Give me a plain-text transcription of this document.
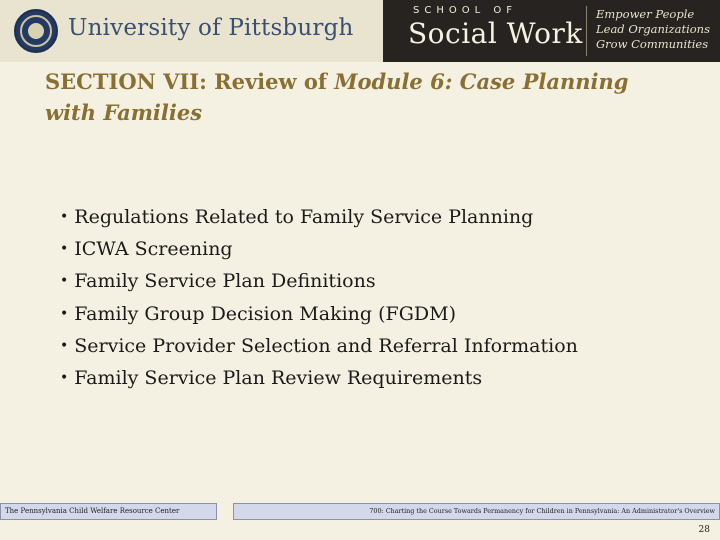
University of Pittsburgh
SCHOOL OF
Social Work
Empower People
Lead Organizations
Grow Communities
SECTION VII: Review of Module 6: Case Planning with Families
• Regulations Related to Family Service Planning
• ICWA Screening
• Family Service Plan Definitions
• Family Group Decision Making (FGDM)
• Service Provider Selection and Referral Information
• Family Service Plan Review Requirements
The Pennsylvania Child Welfare Resource Center	700: Charting the Course Towards Permanency for Children in Pennsylvania: An Administrator's Overview
28
